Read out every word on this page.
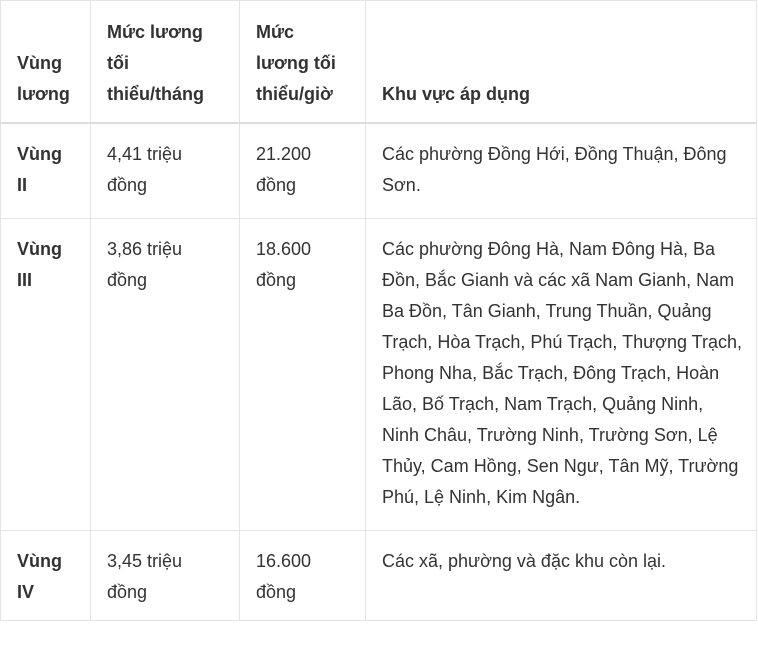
Vùng lương	Mức lương tối thiểu/tháng	Mức lương tối thiểu/giờ	Khu vực áp dụng
Vùng II	4,41 triệu đồng	21.200 đồng	Các phường Đồng Hới, Đồng Thuận, Đông Sơn.
Vùng III	3,86 triệu đồng	18.600 đồng	Các phường Đông Hà, Nam Đông Hà, Ba Đồn, Bắc Gianh và các xã Nam Gianh, Nam Ba Đồn, Tân Gianh, Trung Thuần, Quảng Trạch, Hòa Trạch, Phú Trạch, Thượng Trạch, Phong Nha, Bắc Trạch, Đông Trạch, Hoàn Lão, Bố Trạch, Nam Trạch, Quảng Ninh, Ninh Châu, Trường Ninh, Trường Sơn, Lệ Thủy, Cam Hồng, Sen Ngư, Tân Mỹ, Trường Phú, Lệ Ninh, Kim Ngân.
Vùng IV	3,45 triệu đồng	16.600 đồng	Các xã, phường và đặc khu còn lại.
